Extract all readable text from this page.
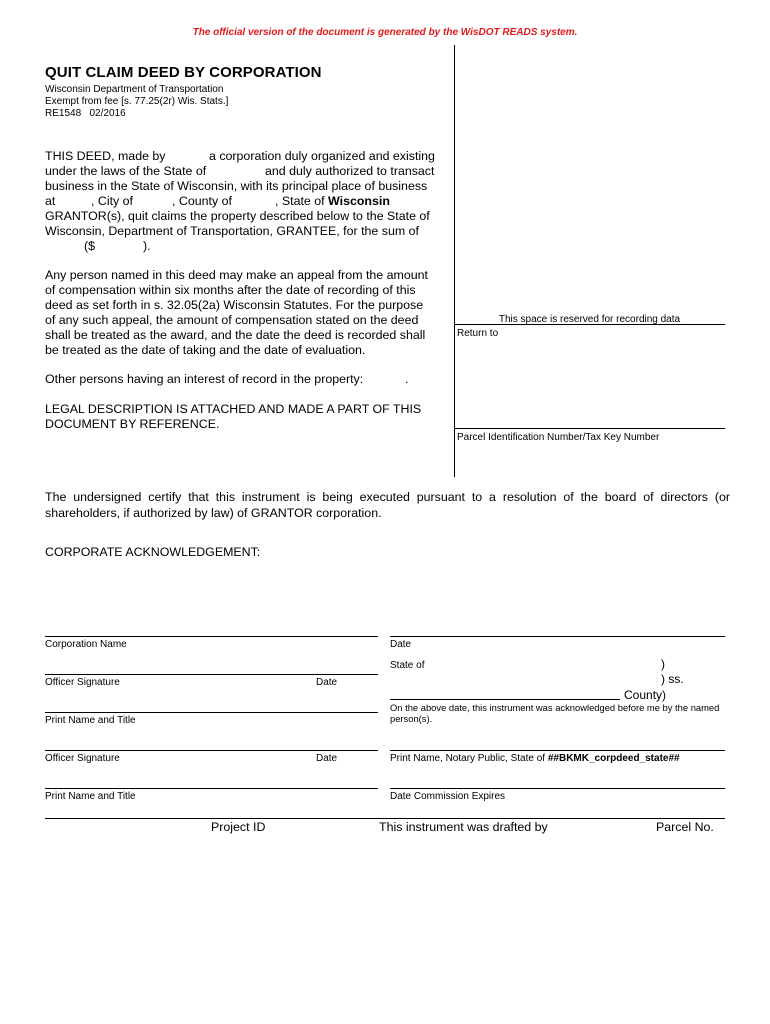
The official version of the document is generated by the WisDOT READS system.
QUIT CLAIM DEED BY CORPORATION
Wisconsin Department of Transportation
Exempt from fee [s. 77.25(2r) Wis. Stats.]
RE1548 02/2016
THIS DEED, made by	a corporation duly organized and existing
under the laws of the State of	and duly authorized to transact
business in the State of Wisconsin, with its principal place of business
at	, City of	, County of	, State of Wisconsin
GRANTOR(s), quit claims the property described below to the State of
Wisconsin, Department of Transportation, GRANTEE, for the sum of
($	).
Any person named in this deed may make an appeal from the amount
of compensation within six months after the date of recording of this
deed as set forth in s. 32.05(2a) Wisconsin Statutes. For the purpose
of any such appeal, the amount of compensation stated on the deed
shall be treated as the award, and the date the deed is recorded shall
be treated as the date of taking and the date of evaluation.
Other persons having an interest of record in the property:	.
LEGAL DESCRIPTION IS ATTACHED AND MADE A PART OF THIS
DOCUMENT BY REFERENCE.
This space is reserved for recording data
Return to
Parcel Identification Number/Tax Key Number
The undersigned certify that this instrument is being executed pursuant to a resolution of the board of directors (or shareholders, if authorized by law) of GRANTOR corporation.
CORPORATE ACKNOWLEDGEMENT:
Corporation Name
Officer Signature	Date
Print Name and Title
Officer Signature	Date
Print Name and Title
Date
State of	)
) ss.
County)
On the above date, this instrument was acknowledged before me by the named person(s).
Print Name, Notary Public, State of ##BKMK_corpdeed_state##
Date Commission Expires
Project ID	This instrument was drafted by	Parcel No.
